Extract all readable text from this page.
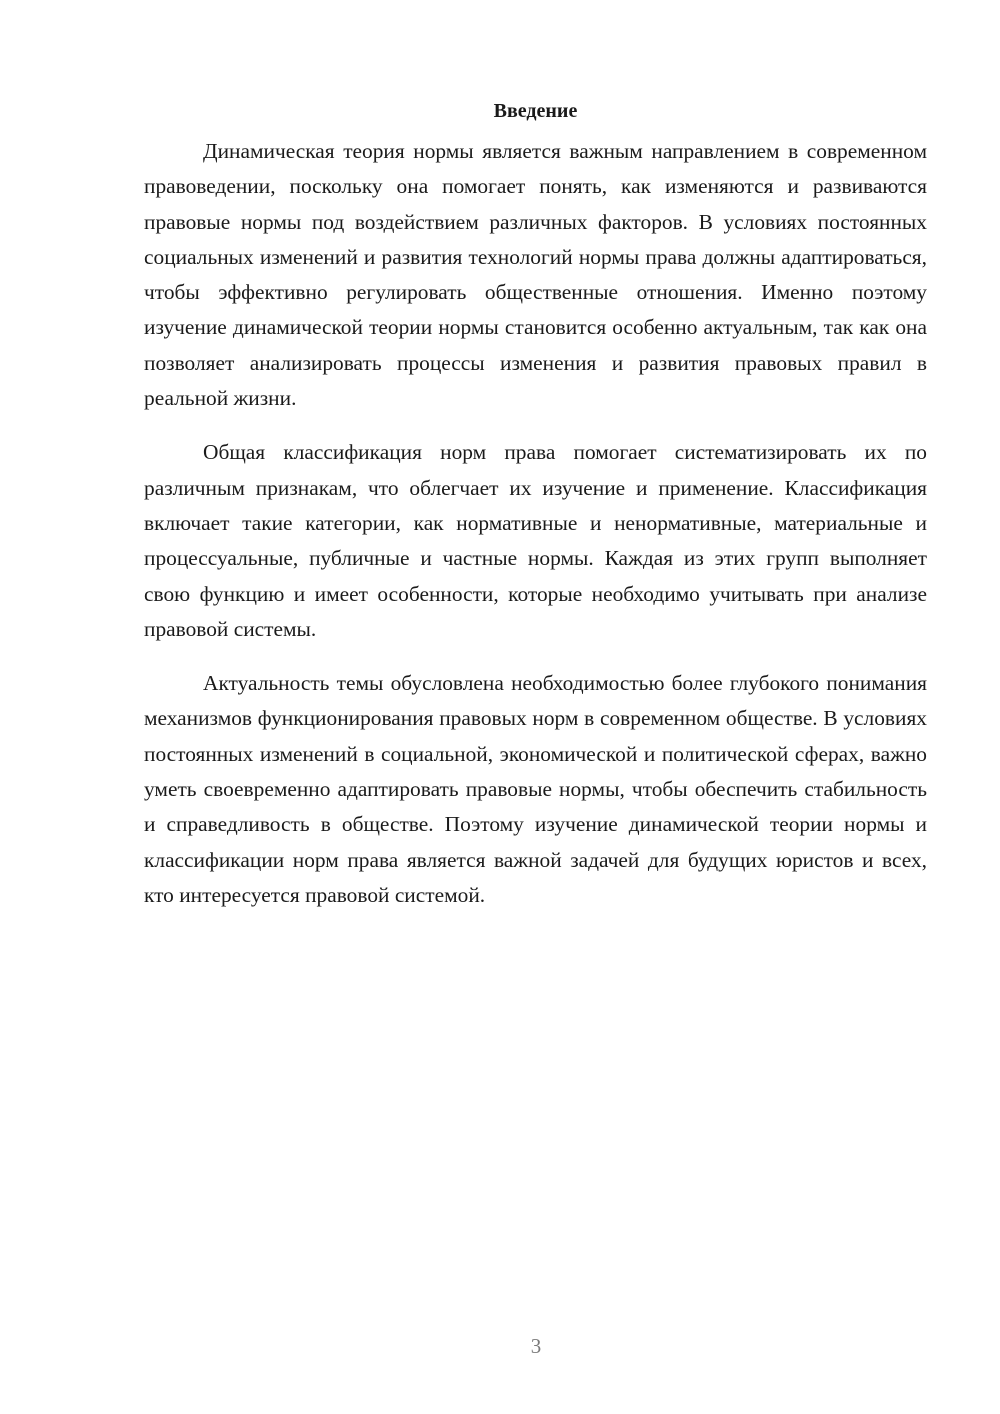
Введение

Динамическая теория нормы является важным направлением в современном правоведении, поскольку она помогает понять, как изменяются и развиваются правовые нормы под воздействием различных факторов. В условиях постоянных социальных изменений и развития технологий нормы права должны адаптироваться, чтобы эффективно регулировать общественные отношения. Именно поэтому изучение динамической теории нормы становится особенно актуальным, так как она позволяет анализировать процессы изменения и развития правовых правил в реальной жизни.

Общая классификация норм права помогает систематизировать их по различным признакам, что облегчает их изучение и применение. Классификация включает такие категории, как нормативные и ненормативные, материальные и процессуальные, публичные и частные нормы. Каждая из этих групп выполняет свою функцию и имеет особенности, которые необходимо учитывать при анализе правовой системы.

Актуальность темы обусловлена необходимостью более глубокого понимания механизмов функционирования правовых норм в современном обществе. В условиях постоянных изменений в социальной, экономической и политической сферах, важно уметь своевременно адаптировать правовые нормы, чтобы обеспечить стабильность и справедливость в обществе. Поэтому изучение динамической теории нормы и классификации норм права является важной задачей для будущих юристов и всех, кто интересуется правовой системой.

3
